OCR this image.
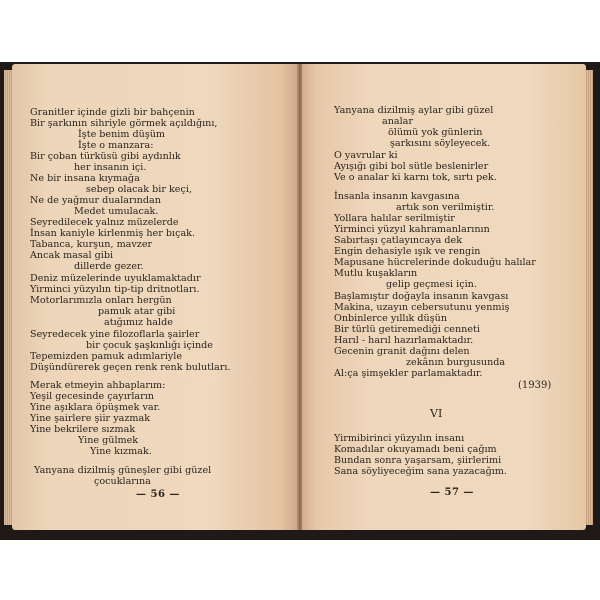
Granitler içinde gizli bir bahçenin
Bir şarkının sihriyle görmek açıldığını,
İşte benim düşüm
İşte o manzara:
Bir çoban türküsü gibi aydınlık
her insanın içi.
Ne bir insana kıymağa
sebep olacak bir keçi,
Ne de yağmur dualarından
Medet umulacak.
Seyredilecek yalnız müzelerde
İnsan kaniyle kirlenmiş her bıçak.
Tabanca, kurşun, mavzer
Ancak masal gibi
dillerde gezer.
Deniz müzelerinde uyuklamaktadır
Yirminci yüzyılın tip-tip dritnotları.
Motorlarımızla onları hergün
pamuk atar gibi
atığımız halde
Seyredecek yine filozoflarla şairler
bir çocuk şaşkınlığı içinde
Tepemizden pamuk adımlariyle
Düşündürerek geçen renk renk bulutları.
Merak etmeyin ahbaplarım:
Yeşil gecesinde çayırların
Yine aşıklara öpüşmek var.
Yine şairlere şiir yazmak
Yine bekrilere sızmak
Yine gülmek
Yine kızmak.
Yanyana dizilmiş güneşler gibi güzel
çocuklarına
— 56 —
Yanyana dizilmiş aylar gibi güzel
analar
ölümü yok günlerin
şarkısını söyleyecek.
O yavrular ki
Ayışığı gibi bol sütle beslenirler
Ve o analar ki karnı tok, sırtı pek.
İnsanla insanın kavgasına
artık son verilmiştir.
Yollara halılar serilmiştir
Yirminci yüzyıl kahramanlarının
Sabırtaşı çatlayıncaya dek
Engin dehasiyle ışık ve rengin
Mapusane hücrelerinde dokuduğu halılar
Mutlu kuşakların
gelip geçmesi için.
Başlamıştır doğayla insanın kavgası
Makina, uzayın cebersutunu yenmiş
Onbinlerce yıllık düşün
Bir türlü getiremediği cenneti
Harıl - harıl hazırlamaktadır.
Gecenin granit dağını delen
zekânın burgusunda
Al:ça şimşekler parlamaktadır.
(1939)
VI
Yirmibirinci yüzyılın insanı
Komadılar okuyamadı beni çağım
Bundan sonra yaşarsam, şiirlerimi
Sana söyliyeceğim sana yazacağım.
— 57 —
